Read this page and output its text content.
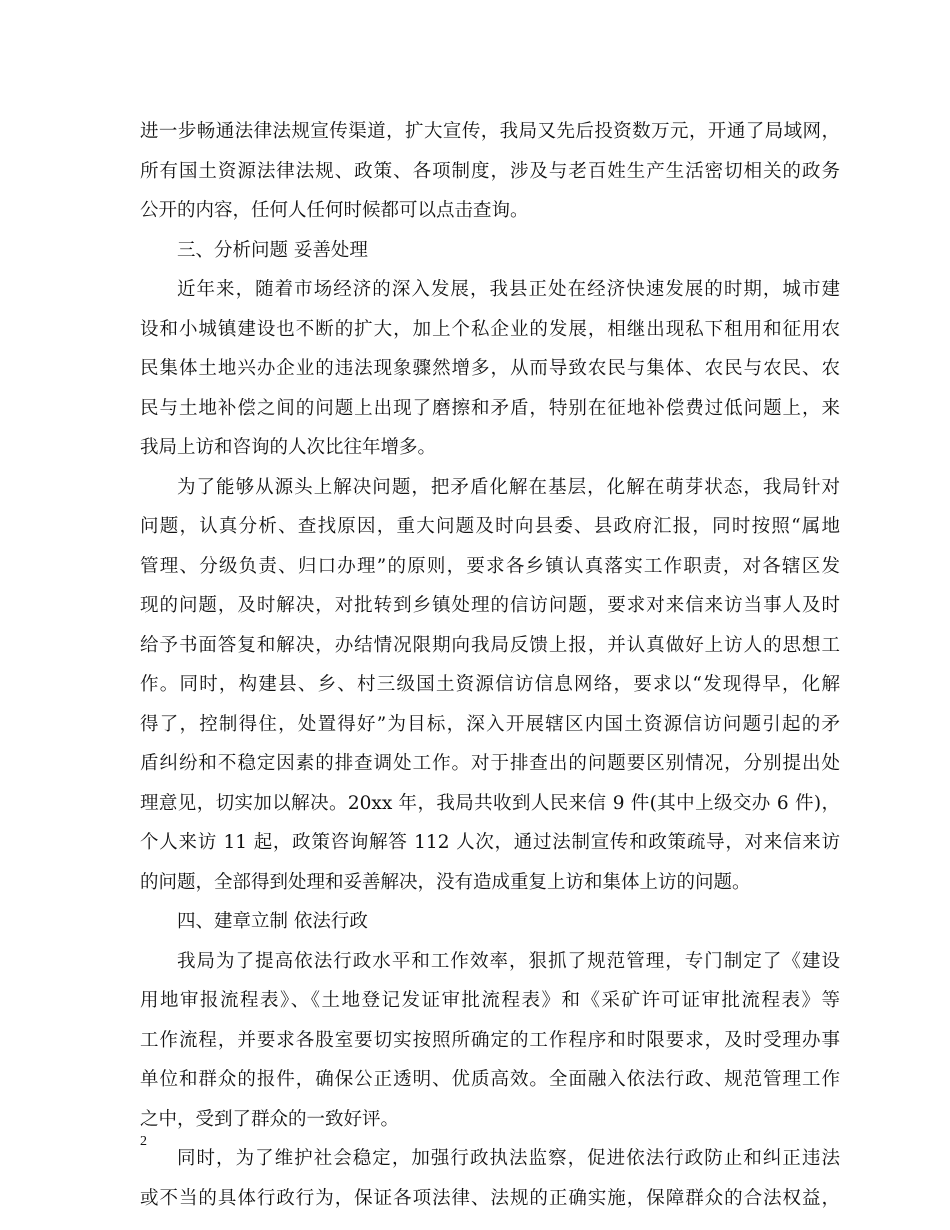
进一步畅通法律法规宣传渠道，扩大宣传，我局又先后投资数万元，开通了局域网，
所有国土资源法律法规、政策、各项制度，涉及与老百姓生产生活密切相关的政务
公开的内容，任何人任何时候都可以点击查询。
三、分析问题 妥善处理
近年来，随着市场经济的深入发展，我县正处在经济快速发展的时期，城市建
设和小城镇建设也不断的扩大，加上个私企业的发展，相继出现私下租用和征用农
民集体土地兴办企业的违法现象骤然增多，从而导致农民与集体、农民与农民、农
民与土地补偿之间的问题上出现了磨擦和矛盾，特别在征地补偿费过低问题上，来
我局上访和咨询的人次比往年增多。
为了能够从源头上解决问题，把矛盾化解在基层，化解在萌芽状态，我局针对
问题，认真分析、查找原因，重大问题及时向县委、县政府汇报，同时按照“属地
管理、分级负责、归口办理”的原则，要求各乡镇认真落实工作职责，对各辖区发
现的问题，及时解决，对批转到乡镇处理的信访问题，要求对来信来访当事人及时
给予书面答复和解决，办结情况限期向我局反馈上报，并认真做好上访人的思想工
作。同时，构建县、乡、村三级国土资源信访信息网络，要求以“发现得早，化解
得了，控制得住，处置得好”为目标，深入开展辖区内国土资源信访问题引起的矛
盾纠纷和不稳定因素的排查调处工作。对于排查出的问题要区别情况，分别提出处
理意见，切实加以解决。20xx 年，我局共收到人民来信 9 件(其中上级交办 6 件)，
个人来访 11 起，政策咨询解答 112 人次，通过法制宣传和政策疏导，对来信来访
的问题，全部得到处理和妥善解决，没有造成重复上访和集体上访的问题。
四、建章立制 依法行政
我局为了提高依法行政水平和工作效率，狠抓了规范管理，专门制定了《建设
用地审报流程表》、《土地登记发证审批流程表》和《采矿许可证审批流程表》等
工作流程，并要求各股室要切实按照所确定的工作程序和时限要求，及时受理办事
单位和群众的报件，确保公正透明、优质高效。全面融入依法行政、规范管理工作
之中，受到了群众的一致好评。
同时，为了维护社会稳定，加强行政执法监察，促进依法行政防止和纠正违法
或不当的具体行政行为，保证各项法律、法规的正确实施，保障群众的合法权益，
2
